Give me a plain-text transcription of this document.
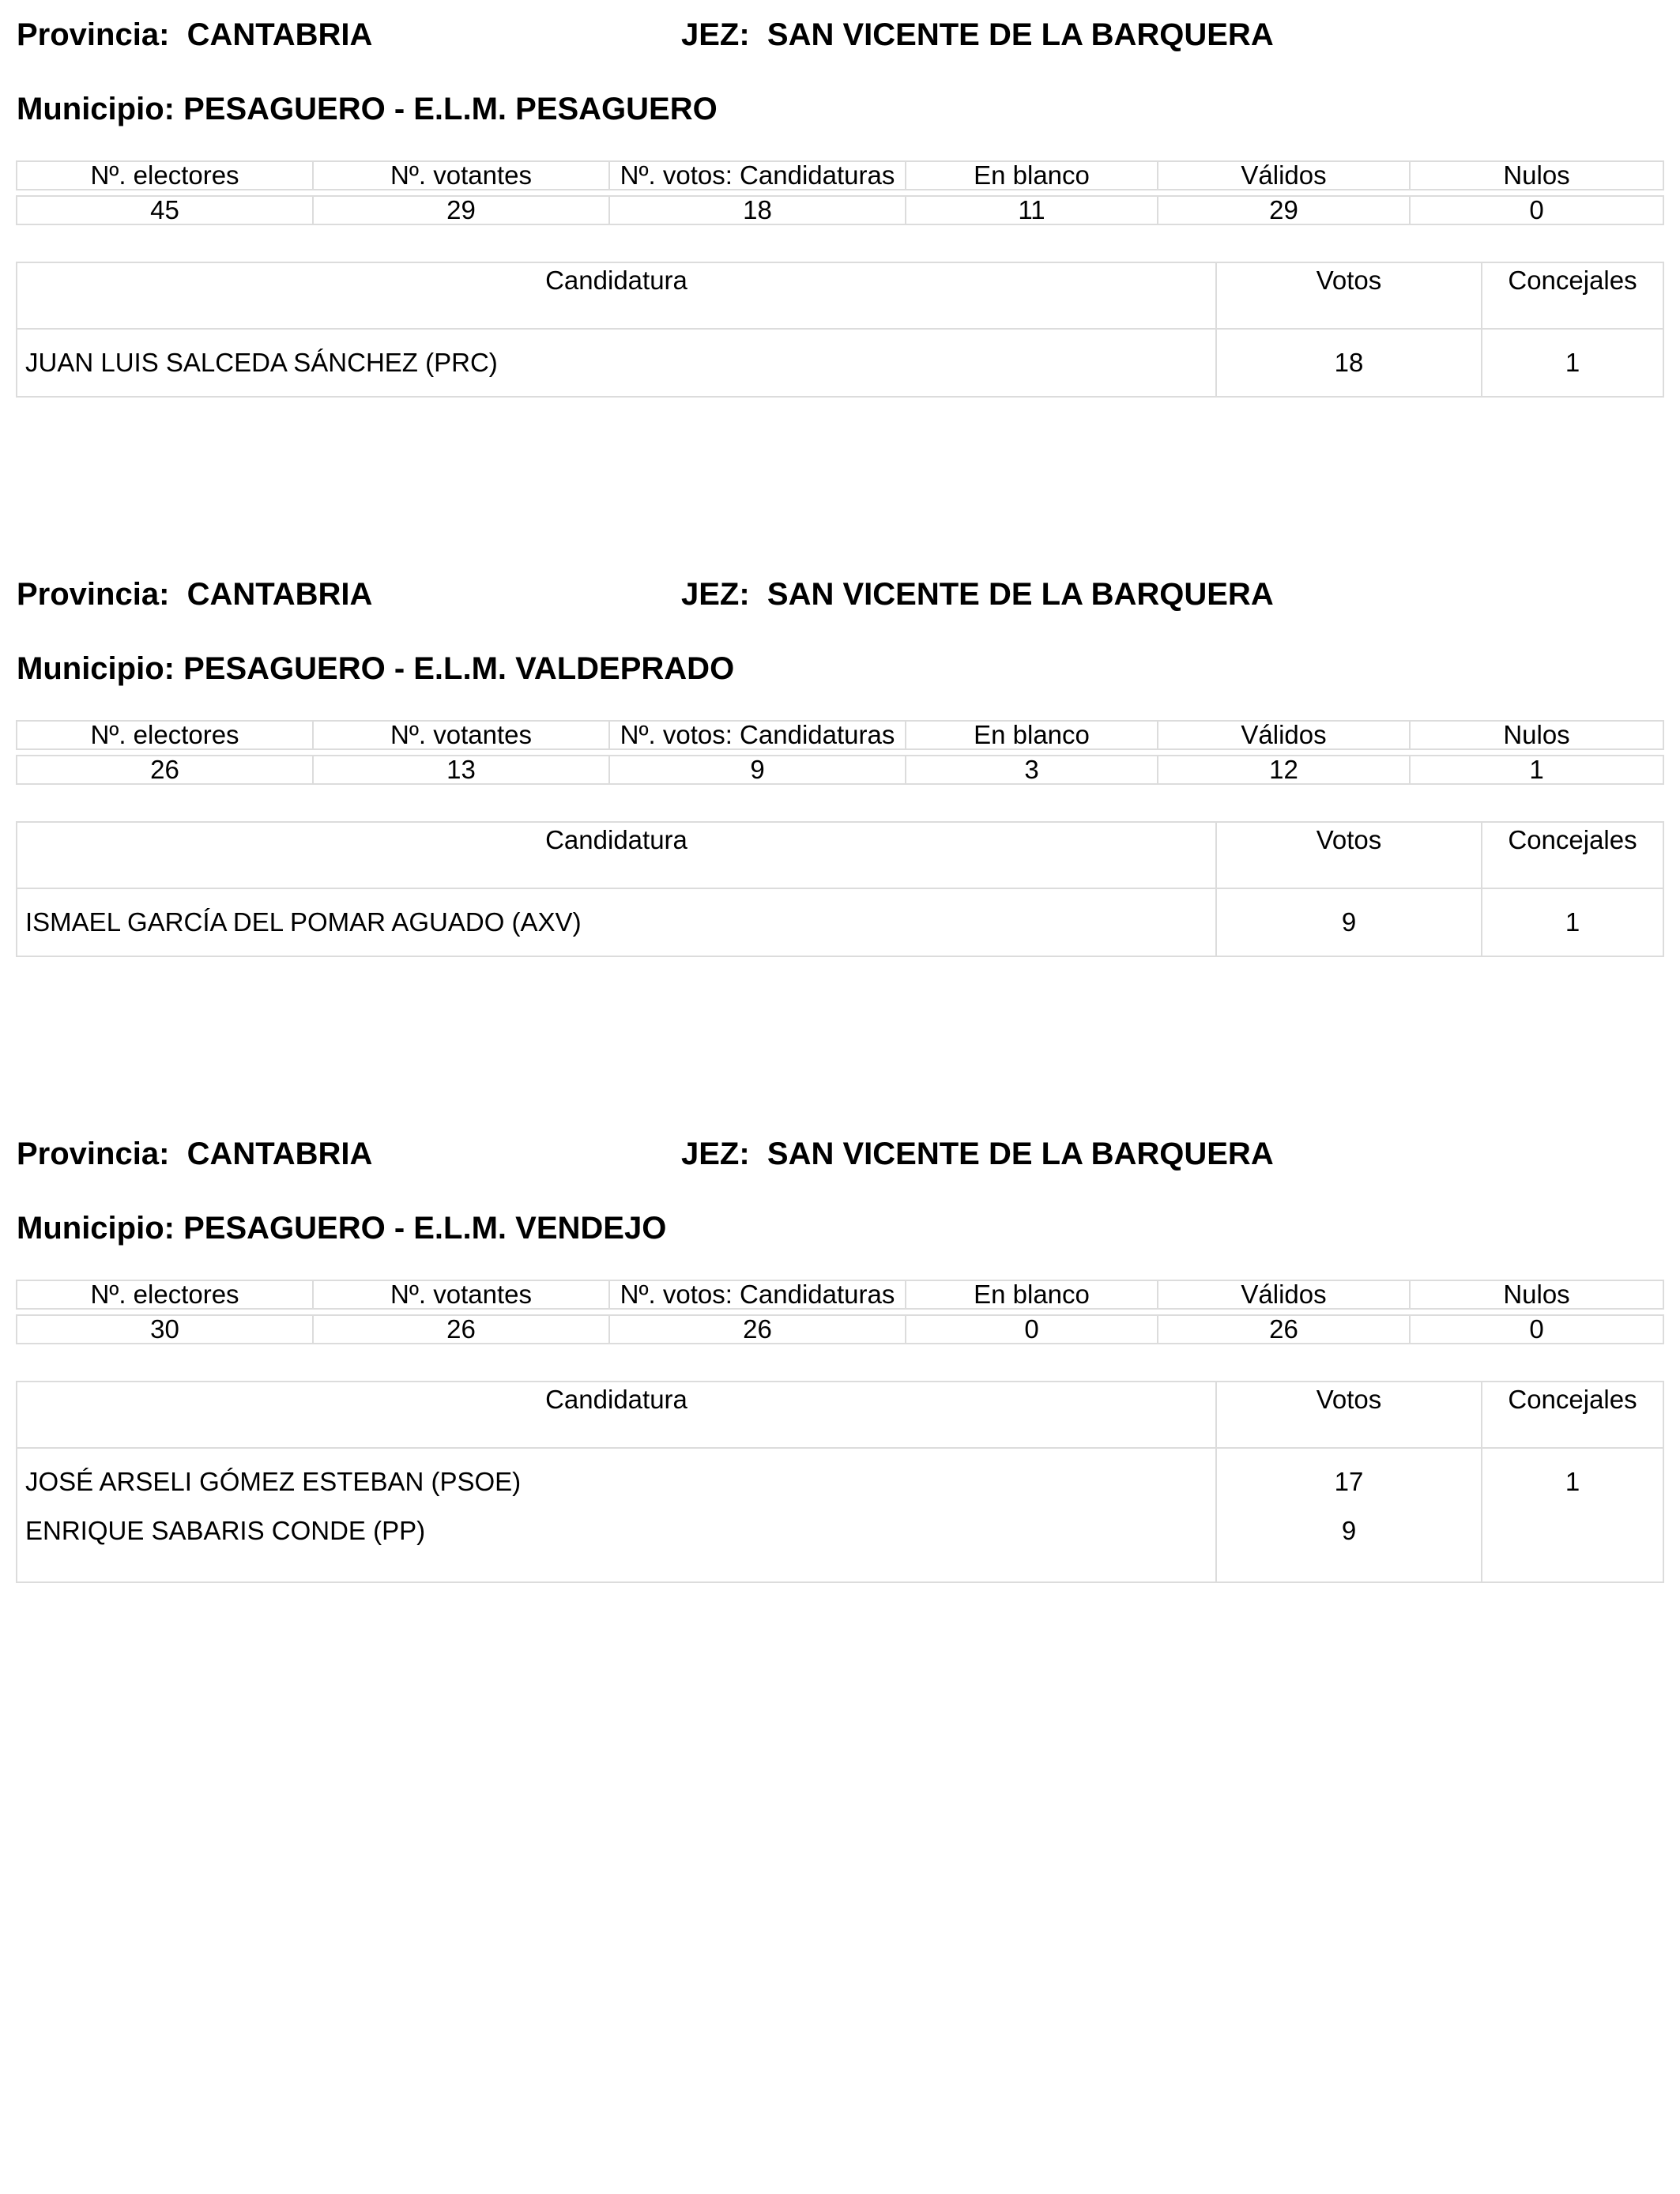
Provincia: CANTABRIA	JEZ: SAN VICENTE DE LA BARQUERA
Municipio: PESAGUERO - E.L.M. PESAGUERO
Nº. electores	Nº. votantes	Nº. votos: Candidaturas	En blanco	Válidos	Nulos

45	29	18	11	29	0
Candidatura	Votos	Concejales
JUAN LUIS SALCEDA SÁNCHEZ (PRC)	18	1
Provincia: CANTABRIA	JEZ: SAN VICENTE DE LA BARQUERA
Municipio: PESAGUERO - E.L.M. VALDEPRADO
Nº. electores	Nº. votantes	Nº. votos: Candidaturas	En blanco	Válidos	Nulos

26	13	9	3	12	1
Candidatura	Votos	Concejales
ISMAEL GARCÍA DEL POMAR AGUADO (AXV)	9	1
Provincia: CANTABRIA	JEZ: SAN VICENTE DE LA BARQUERA
Municipio: PESAGUERO - E.L.M. VENDEJO
Nº. electores	Nº. votantes	Nº. votos: Candidaturas	En blanco	Válidos	Nulos

30	26	26	0	26	0
Candidatura	Votos	Concejales
JOSÉ ARSELI GÓMEZ ESTEBAN (PSOE)	17	1
ENRIQUE SABARIS CONDE (PP)	9	
